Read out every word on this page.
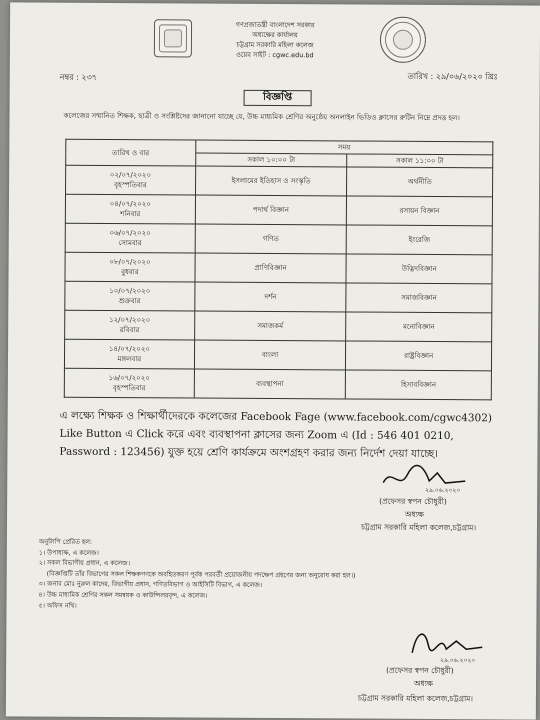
গণপ্রজাতন্ত্রী বাংলাদেশ সরকার
অধ্যক্ষের কার্যালয়
চট্টগ্রাম সরকারি মহিলা কলেজ
ওয়েব সাইট : cgwc.edu.bd
নম্বর : ২৩৭	তারিখ : ২৯/০৬/২০২০ খ্রিঃ
বিজ্ঞপ্তি
কলেজের সম্মানিত শিক্ষক, ছাত্রী ও সংশ্লিষ্টদের জানানো যাচ্ছে যে, উচ্চ মাধ্যমিক শ্রেণির অনুষ্ঠেয় অনলাইন ভিডিও ক্লাসের রুটিন নিম্নে প্রদত্ত হল।
তারিখ ও বার	সময়	
	সকাল ১০:০০ টা	সকাল ১১:০০ টা

০২/০৭/২০২০
বৃহস্পতিবার	ইসলামের ইতিহাস ও সংস্কৃতি	অর্থনীতি

০৪/০৭/২০২০
শনিবার	পদার্থ বিজ্ঞান	রসায়ন বিজ্ঞান

০৬/০৭/২০২০
সোমবার	গণিত	ইংরেজি

০৮/০৭/২০২০
বুধবার	প্রাণিবিজ্ঞান	উদ্ভিদবিজ্ঞান

১০/০৭/২০২০
শুক্রবার	দর্শন	সমাজবিজ্ঞান

১২/০৭/২০২০
রবিবার	সমাজকর্ম	মনোবিজ্ঞান

১৪/০৭/২০২০
মঙ্গলবার	বাংলা	রাষ্ট্রবিজ্ঞান

১৬/০৭/২০২০
বৃহস্পতিবার	ব্যবস্থাপনা	হিসাববিজ্ঞান
এ লক্ষ্যে শিক্ষক ও শিক্ষার্থীদেরকে কলেজের Facebook Fage (www.facebook.com/cgwc4302)
Like Button এ Click করে এবং ব্যবস্থাপনা ক্লাসের জন্য Zoom এ (Id : 546 401 0210,
Password : 123456) যুক্ত হয়ে শ্রেণি কার্যক্রমে অংশগ্রহণ করার জন্য নির্দেশ দেয়া যাচ্ছে।
২৯.০৬.২০২০
(প্রফেসর স্বপন চৌধুরী)
অধ্যক্ষ
চট্টগ্রাম সরকারি মহিলা কলেজ,চট্টগ্রাম।
অনুলিপি প্রেরিত হল:
১। উপাধ্যক্ষ, এ কলেজ।
২। সকল বিভাগীয় প্রধান, এ কলেজ।
(বিজ্ঞপ্তিটি তাঁর বিভাগের সকল শিক্ষকগণকে অবহিতকরণ পূর্বক পরবর্তী প্রয়োজনীয় পদক্ষেপ গ্রহণের জন্য অনুরোধ করা হল।)
৩। জনাব মোঃ নুরুল কাদের, বিভাগীয় প্রধান, গণিতবিভাগ ও আইসিটি বিভাগ, এ কলেজ।
৪। উচ্চ মাধ্যমিক শ্রেণির সকল সমন্বয়ক ও কাউন্সিলরবৃন্দ, এ কলেজ।
৫। অফিস নথি।
২৯.০৬.২০২০
(প্রফেসর স্বপন চৌধুরী)
অধ্যক্ষ
চট্টগ্রাম সরকারি মহিলা কলেজ,চট্টগ্রাম।
